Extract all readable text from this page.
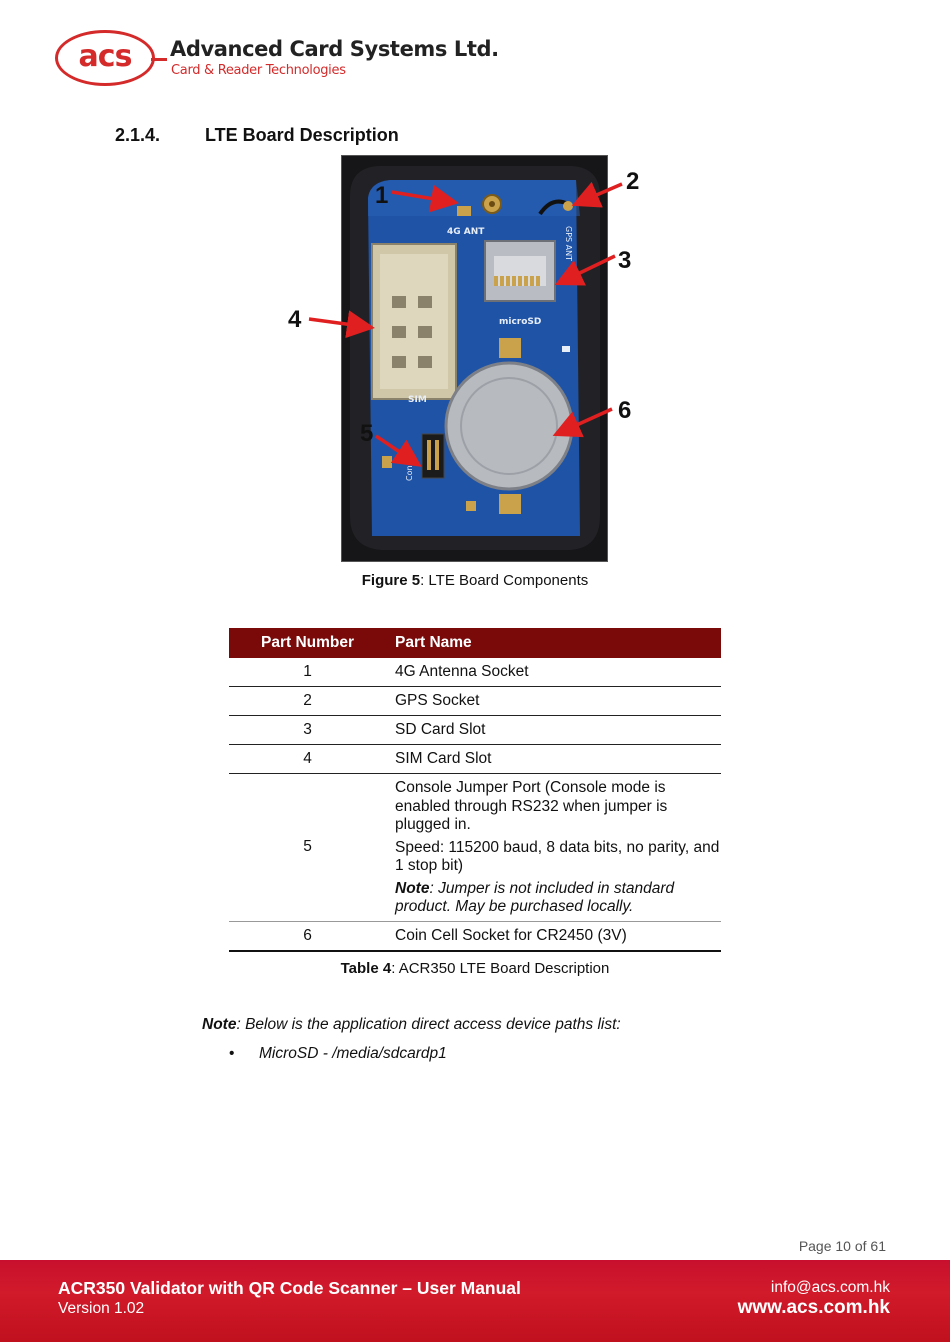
acs	Advanced Card Systems Ltd.
Card & Reader Technologies
2.1.4. LTE Board Description
4G ANT	GPS ANT
microSD
SIM
Console
1
2
3
4
5
6
Figure 5: LTE Board Components
Part Number	Part Name
1	4G Antenna Socket
2	GPS Socket
3	SD Card Slot
4	SIM Card Slot
5	Console Jumper Port (Console mode is enabled through RS232 when jumper is plugged in.

Speed: 115200 baud, 8 data bits, no parity, and 1 stop bit)

Note: Jumper is not included in standard product. May be purchased locally.

6	Coin Cell Socket for CR2450 (3V)
Table 4: ACR350 LTE Board Description
Note: Below is the application direct access device paths list:
• MicroSD - /media/sdcardp1
Page 10 of 61
ACR350 Validator with QR Code Scanner – User Manual
Version 1.02
info@acs.com.hk
www.acs.com.hk
